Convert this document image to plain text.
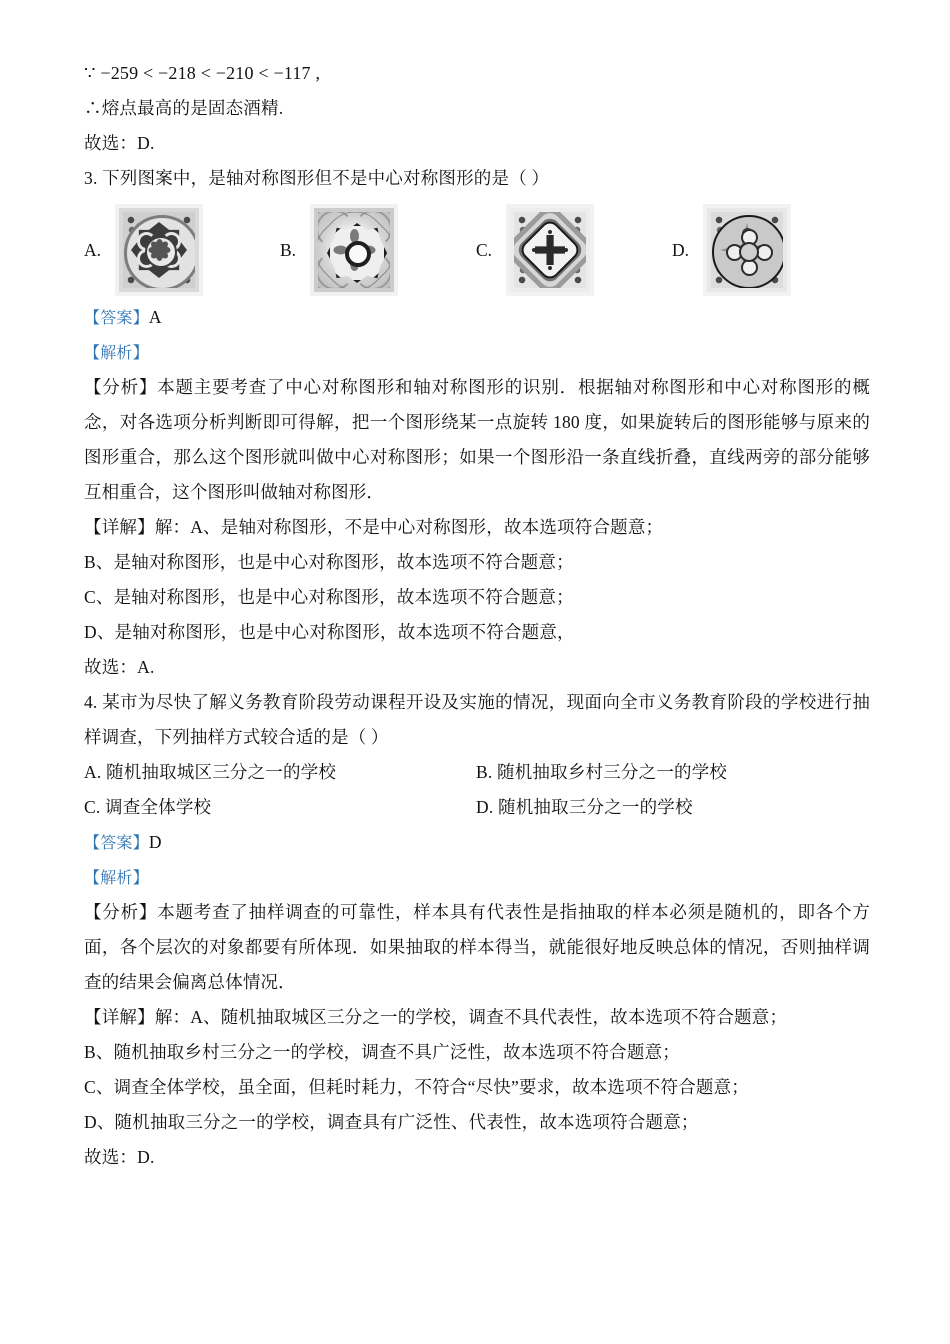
∵ −259 < −218 < −210 < −117 ,
∴熔点最高的是固态酒精.
故选：D.
3. 下列图案中，是轴对称图形但不是中心对称图形的是（ ）
A.	B.	C.	D.
【答案】A
【解析】
【分析】本题主要考查了中心对称图形和轴对称图形的识别．根据轴对称图形和中心对称图形的概念，对各选项分析判断即可得解，把一个图形绕某一点旋转 180 度，如果旋转后的图形能够与原来的图形重合，那么这个图形就叫做中心对称图形；如果一个图形沿一条直线折叠，直线两旁的部分能够互相重合，这个图形叫做轴对称图形．
【详解】解：A、是轴对称图形，不是中心对称图形，故本选项符合题意；
B、是轴对称图形，也是中心对称图形，故本选项不符合题意；
C、是轴对称图形，也是中心对称图形，故本选项不符合题意；
D、是轴对称图形，也是中心对称图形，故本选项不符合题意，
故选：A.
4. 某市为尽快了解义务教育阶段劳动课程开设及实施的情况，现面向全市义务教育阶段的学校进行抽样调查，下列抽样方式较合适的是（ ）
A. 随机抽取城区三分之一的学校	B. 随机抽取乡村三分之一的学校
C. 调查全体学校	D. 随机抽取三分之一的学校
【答案】D
【解析】
【分析】本题考查了抽样调查的可靠性，样本具有代表性是指抽取的样本必须是随机的，即各个方面，各个层次的对象都要有所体现．如果抽取的样本得当，就能很好地反映总体的情况，否则抽样调查的结果会偏离总体情况．
【详解】解：A、随机抽取城区三分之一的学校，调查不具代表性，故本选项不符合题意；
B、随机抽取乡村三分之一的学校，调查不具广泛性，故本选项不符合题意；
C、调查全体学校，虽全面，但耗时耗力，不符合“尽快”要求，故本选项不符合题意；
D、随机抽取三分之一的学校，调查具有广泛性、代表性，故本选项符合题意；
故选：D.
